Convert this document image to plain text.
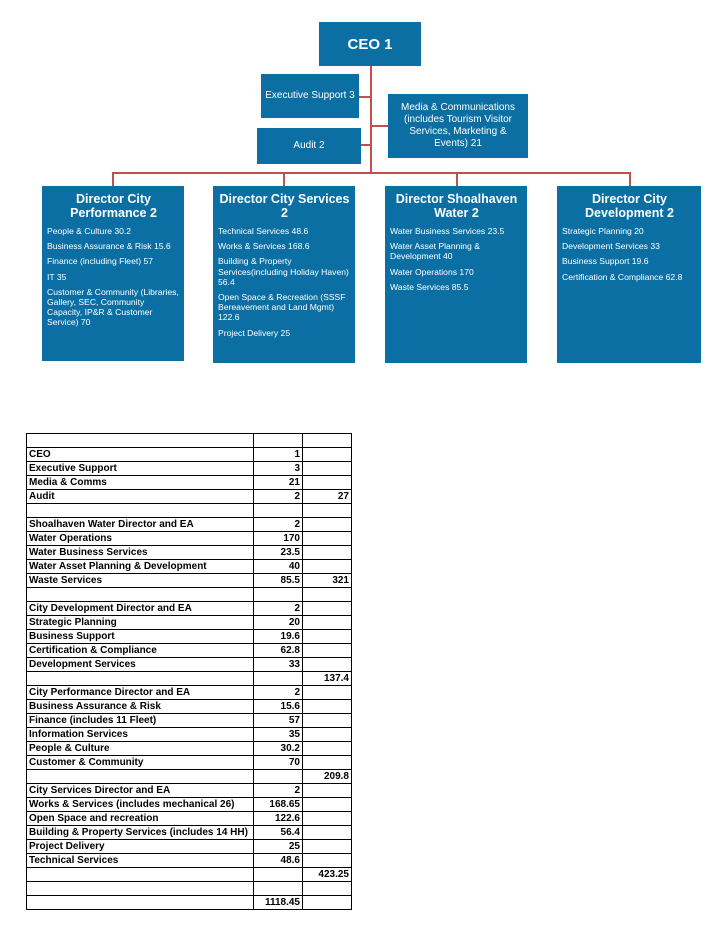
CEO 1
Executive Support 3
Media & Communications (includes Tourism Visitor Services, Marketing & Events) 21
Audit 2
Director City Performance 2
People & Culture 30.2
Business Assurance & Risk 15.6
Finance (including Fleet) 57
IT 35
Customer & Community (Libraries, Gallery, SEC, Community Capacity, IP&R & Customer Service) 70
Director City Services 2
Technical Services 48.6
Works & Services 168.6
Building & Property Services(including Holiday Haven) 56.4
Open Space & Recreation (SSSF Bereavement and Land Mgmt) 122.6
Project Delivery 25
Director Shoalhaven Water 2
Water Business Services 23.5
Water Asset Planning & Development 40
Water Operations 170
Waste Services 85.5
Director City Development 2
Strategic Planning 20
Development Services 33
Business Support 19.6
Certification & Compliance 62.8

CEO	1	
Executive Support	3	
Media & Comms	21	
Audit	2	27

Shoalhaven Water Director and EA	2	
Water Operations	170	
Water Business Services	23.5	
Water Asset Planning & Development	40	
Waste Services	85.5	321

City Development Director and EA	2	
Strategic Planning	20	
Business Support	19.6	
Certification & Compliance	62.8	
Development Services	33	
		137.4
City Performance Director and EA	2	
Business Assurance & Risk	15.6	
Finance (includes 11 Fleet)	57	
Information Services	35	
People & Culture	30.2	
Customer & Community	70	
		209.8
City Services Director and EA	2	
Works & Services (includes mechanical 26)	168.65	
Open Space and recreation	122.6	
Building & Property Services (includes 14 HH)	56.4	
Project Delivery	25	
Technical Services	48.6	
		423.25

	1118.45	
